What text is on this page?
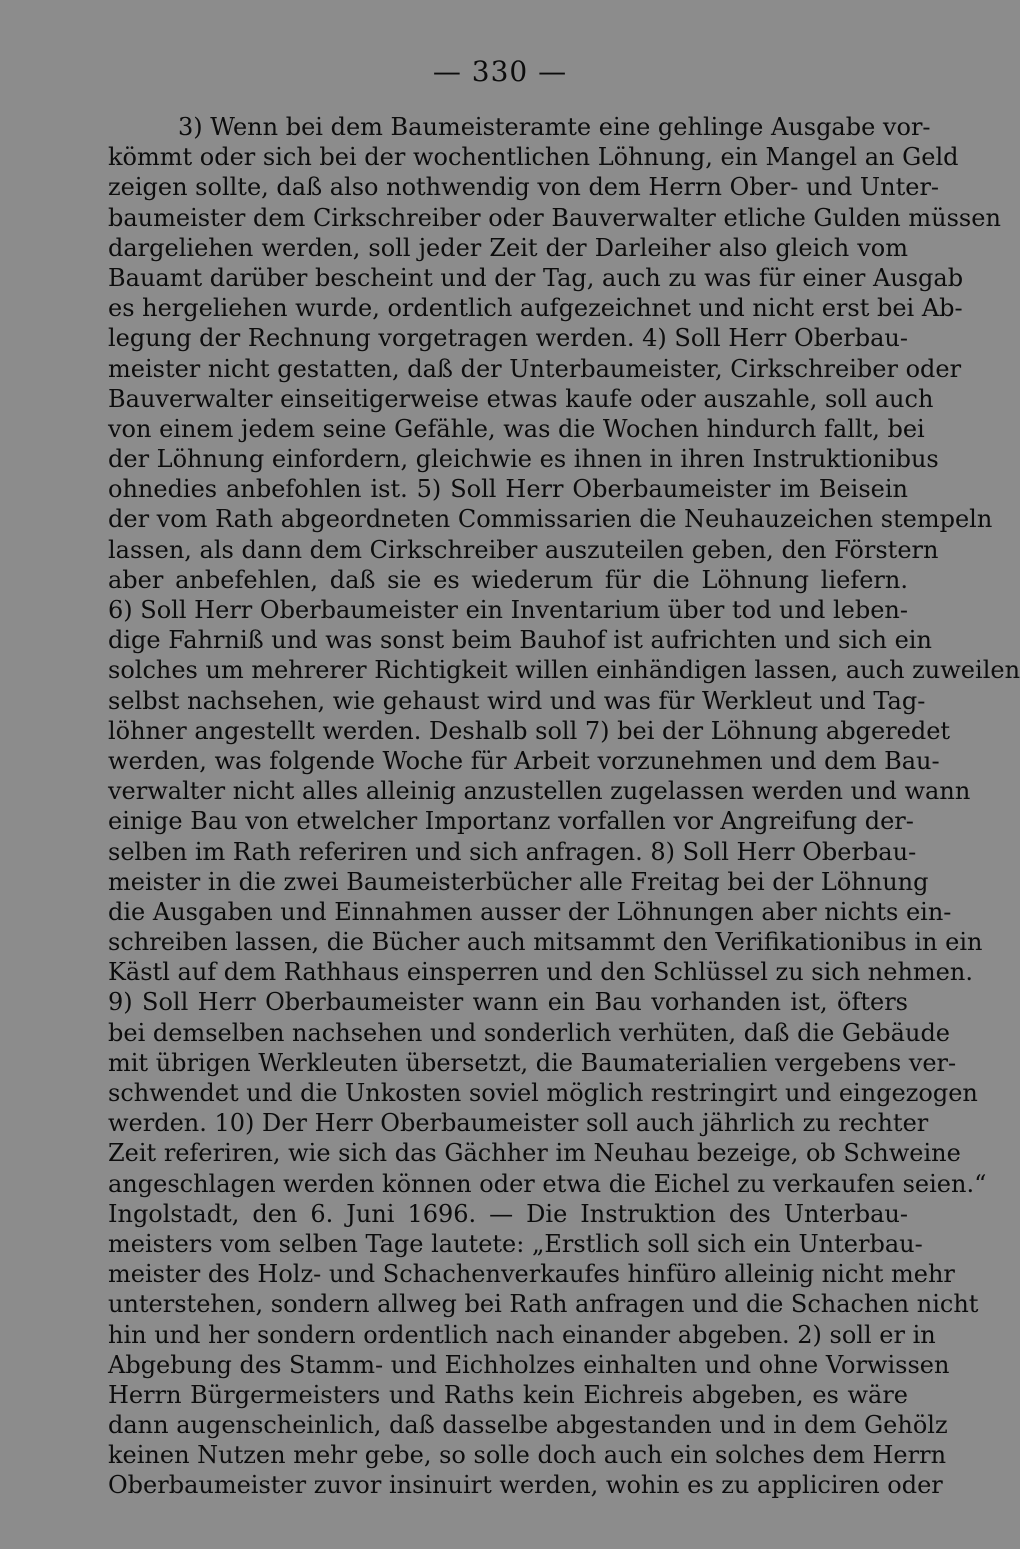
— 330 —
3) Wenn bei dem Baumeisteramte eine gehlinge Ausgabe vor-
kömmt oder sich bei der wochentlichen Löhnung, ein Mangel an Geld
zeigen sollte, daß also nothwendig von dem Herrn Ober- und Unter-
baumeister dem Cirkschreiber oder Bauverwalter etliche Gulden müssen
dargeliehen werden, soll jeder Zeit der Darleiher also gleich vom
Bauamt darüber bescheint und der Tag, auch zu was für einer Ausgab
es hergeliehen wurde, ordentlich aufgezeichnet und nicht erst bei Ab-
legung der Rechnung vorgetragen werden. 4) Soll Herr Oberbau-
meister nicht gestatten, daß der Unterbaumeister, Cirkschreiber oder
Bauverwalter einseitigerweise etwas kaufe oder auszahle, soll auch
von einem jedem seine Gefähle, was die Wochen hindurch fallt, bei
der Löhnung einfordern, gleichwie es ihnen in ihren Instruktionibus
ohnedies anbefohlen ist. 5) Soll Herr Oberbaumeister im Beisein
der vom Rath abgeordneten Commissarien die Neuhauzeichen stempeln
lassen, als dann dem Cirkschreiber auszuteilen geben, den Förstern
aber anbefehlen, daß sie es wiederum für die Löhnung liefern.
6) Soll Herr Oberbaumeister ein Inventarium über tod und leben-
dige Fahrniß und was sonst beim Bauhof ist aufrichten und sich ein
solches um mehrerer Richtigkeit willen einhändigen lassen, auch zuweilen
selbst nachsehen, wie gehaust wird und was für Werkleut und Tag-
löhner angestellt werden. Deshalb soll 7) bei der Löhnung abgeredet
werden, was folgende Woche für Arbeit vorzunehmen und dem Bau-
verwalter nicht alles alleinig anzustellen zugelassen werden und wann
einige Bau von etwelcher Importanz vorfallen vor Angreifung der-
selben im Rath referiren und sich anfragen. 8) Soll Herr Oberbau-
meister in die zwei Baumeisterbücher alle Freitag bei der Löhnung
die Ausgaben und Einnahmen ausser der Löhnungen aber nichts ein-
schreiben lassen, die Bücher auch mitsammt den Verifikationibus in ein
Kästl auf dem Rathhaus einsperren und den Schlüssel zu sich nehmen.
9) Soll Herr Oberbaumeister wann ein Bau vorhanden ist, öfters
bei demselben nachsehen und sonderlich verhüten, daß die Gebäude
mit übrigen Werkleuten übersetzt, die Baumaterialien vergebens ver-
schwendet und die Unkosten soviel möglich restringirt und eingezogen
werden. 10) Der Herr Oberbaumeister soll auch jährlich zu rechter
Zeit referiren, wie sich das Gächher im Neuhau bezeige, ob Schweine
angeschlagen werden können oder etwa die Eichel zu verkaufen seien.“
Ingolstadt, den 6. Juni 1696. — Die Instruktion des Unterbau-
meisters vom selben Tage lautete: „Erstlich soll sich ein Unterbau-
meister des Holz- und Schachenverkaufes hinfüro alleinig nicht mehr
unterstehen, sondern allweg bei Rath anfragen und die Schachen nicht
hin und her sondern ordentlich nach einander abgeben. 2) soll er in
Abgebung des Stamm- und Eichholzes einhalten und ohne Vorwissen
Herrn Bürgermeisters und Raths kein Eichreis abgeben, es wäre
dann augenscheinlich, daß dasselbe abgestanden und in dem Gehölz
keinen Nutzen mehr gebe, so solle doch auch ein solches dem Herrn
Oberbaumeister zuvor insinuirt werden, wohin es zu appliciren oder
